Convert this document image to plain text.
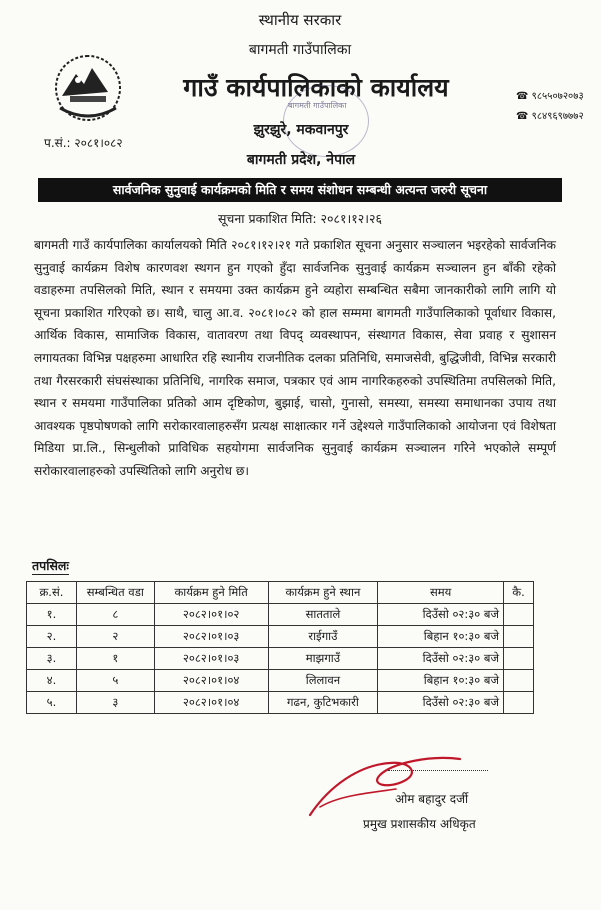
स्थानीय सरकार
बागमती गाउँपालिका
गाउँ कार्यपालिकाको कार्यालय
बागमती गाउँपालिका
प.सं.: २०८१।०८२
झुरझुरे, मकवानपुर
बागमती प्रदेश, नेपाल
☎ ९८५५०७२०७३
☎ ९८४९६९७७७२
सार्वजनिक सुनुवाई कार्यक्रमको मिति र समय संशोधन सम्बन्धी अत्यन्त जरुरी सूचना
सूचना प्रकाशित मिति: २०८१।१२।२६
बागमती गाउँ कार्यपालिका कार्यालयको मिति २०८१।१२।२१ गते प्रकाशित सूचना अनुसार सञ्चालन भइरहेको सार्वजनिक सुनुवाई कार्यक्रम विशेष कारणवश स्थगन हुन गएको हुँदा सार्वजनिक सुनुवाई कार्यक्रम सञ्चालन हुन बाँकी रहेको वडाहरुमा तपसिलको मिति, स्थान र समयमा उक्त कार्यक्रम हुने व्यहोरा सम्बन्धित सबैमा जानकारीको लागि लागि यो सूचना प्रकाशित गरिएको छ। साथै, चालु आ.व. २०८१।०८२ को हाल सम्ममा बागमती गाउँपालिकाको पूर्वाधार विकास, आर्थिक विकास, सामाजिक विकास, वातावरण तथा विपद् व्यवस्थापन, संस्थागत विकास, सेवा प्रवाह र सुशासन लगायतका विभिन्न पक्षहरुमा आधारित रहि स्थानीय राजनीतिक दलका प्रतिनिधि, समाजसेवी, बुद्धिजीवी, विभिन्न सरकारी तथा गैरसरकारी संघसंस्थाका प्रतिनिधि, नागरिक समाज, पत्रकार एवं आम नागरिकहरुको उपस्थितिमा तपसिलको मिति, स्थान र समयमा गाउँपालिका प्रतिको आम दृष्टिकोण, बुझाई, चासो, गुनासो, समस्या, समस्या समाधानका उपाय तथा आवश्यक पृष्ठपोषणको लागि सरोकारवालाहरुसँग प्रत्यक्ष साक्षात्कार गर्ने उद्देश्यले गाउँपालिकाको आयोजना एवं विशेषता मिडिया प्रा.लि., सिन्धुलीको प्राविधिक सहयोगमा सार्वजनिक सुनुवाई कार्यक्रम सञ्चालन गरिने भएकोले सम्पूर्ण सरोकारवालाहरुको उपस्थितिको लागि अनुरोध छ।
तपसिलः
क्र.सं.	सम्बन्धित वडा	कार्यक्रम हुने मिति	कार्यक्रम हुने स्थान	समय	कै.
१.	८	२०८२।०१।०२	सातताले	दिउँसो ०२:३० बजे	
२.	२	२०८२।०१।०३	राईगाउँ	बिहान १०:३० बजे	
३.	१	२०८२।०१।०३	माझगाउँ	दिउँसो ०२:३० बजे	
४.	५	२०८२।०१।०४	लिलावन	बिहान १०:३० बजे	
५.	३	२०८२।०१।०४	गढन, कुटिभकारी	दिउँसो ०२:३० बजे	
ओम बहादुर दर्जी
प्रमुख प्रशासकीय अधिकृत
